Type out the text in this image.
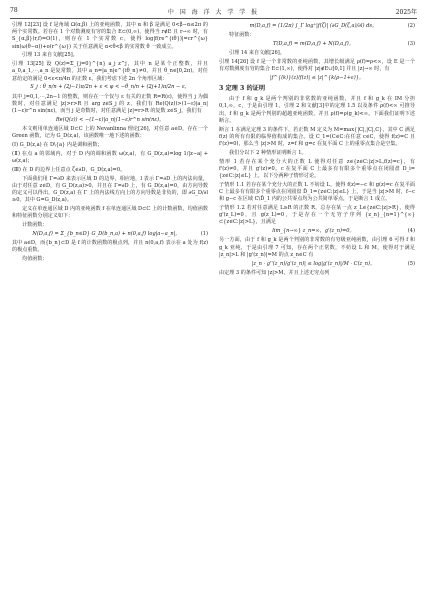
78	中 国 海 洋 大 学 学 报	2025年

引理 12[23] 设 f 是角域 Ω(α,β) 上的亚纯函数，其中 α 和 β 是满足 0<β−α≤2π 的两个实常数。若存在 1 个对数测度有穷的集合 E⊂(0,∞)，使得当 r∉E 且 r→∞ 时，有 S_{α,β}(r,f)=O(1)，则存在 1 个实常数 c，使得 log|f(re^{iθ})|=cr^{ω} sin(ω(θ−α))+o(r^{ω}) 关于任意满足 α<θ<β 的实常数 θ 一致成立。

引理 13 来自文献[25]。

引理 13[25] 设 Q(z)=Σ_{j=0}^{n} a_j z^j，其中 n 是某个正整数，并且 a_0,a_1,⋯,a_n 是复常数，其中 a_n=|a_n|e^{iθ_n}≠0，并且 θ_n∈[0,2π)。对任意给定的满足 0<ε<π/4n 的正数 ε，我们考虑下述 2n 个角形区域：

S_j : θ_n/n + (2j−1)π/2n + ε < φ < −θ_n/n + (2j+1)π/2n − ε，

其中 j=0,1,⋯,2n−1 的整数，则存在一个仅与 ε 有关的正数 R=R(ε)，使得当 j 为偶数时，对任意满足 |z|>r>R 且 arg z∈S_j 的 z，我们有 Re(Q(z))>(1−ε)|a_n|(1−ε)r^n sin(nε)，而当 j 是奇数时，对任意满足 |z|=r>R 的复数 z∈S_j，我们有

Re(Q(z)) < −(1−ε)|a_n|(1−ε)r^n sin(nε)。

本文则用单连通区域 D⊂C 上的 Nevanlinna 理论[26]，对任意 a∈D，存在一个 Green 函数，记为 G_D(z,a)，该函数唯一地下述的函数：

(Ⅰ) G_D(z,a) 在 D\{a} 内是调和函数；

(Ⅱ) 在点 a 的邻域内，对于 D 内的调和函数 ω(z,a)，有 G_D(z,a)=log 1/|z−a| + ω(z,a)；

(Ⅲ) 在 D 的边界上任意点 ζ∈∂D，G_D(z,a)=0。

下面我们用 Γ=∂D 来表示区域 D 的边界，相应地，l 表示 Γ=∂D 上的内法向量，由于对任意 z∈D，有 G_D(z,a)>0，并且在 Γ=∂D 上，有 G_D(z,a)=0，由方向导数的定义可以得出，G_D(z,a) 在 Γ 上的内法线方向上的方向导数是非负的，即 ∂G_D/∂l ≥0。其中 G=G_D(z,a)。

定义在单连通区域 D 内的亚纯函数 f 在单连通区域 D⊂C 上的计数函数，均值函数和特征函数分别定义如下：

计数函数：

N(D,a,f) = Σ_{b_n∈D} G_D(b_n,a) + n(0,a,f) log|a−a_n|，	(1)

其中 a∈D，而{b_n}⊂D 是 f 的计数函数的极点列，并且 n(0,a,f) 表示在 a 处为 f(z) 的极点重数。

均值函数：

m(D,a,f) = (1/2π) ∫_Γ log⁺|f(ζ)| (∂G_D(ζ,a)/∂l) ds。	(2)

特征函数：

T(D,a,f) = m(D,a,f) + N(D,a,f)。	(3)

引理 14 来自文献[26]。

引理 14[26] 设 f 是一个非常数的亚纯函数，其增长级满足 ρ(f)=ρ<∞，设 E 是一个有对数测度有穷的集合 E⊂(1,∞)，使得对 |z|∉E∪[0,1] 并且 |z|→∞ 时，有

|f^{(k)}(z)/f(z)| ≤ |z|^{k(ρ−1+ε)}。
3 定理 3 的证明

由于 f 和 g_k 是两个判别的非常数的亚纯函数，并且 f 和 g_k 在 IM 分担 0,1,∞，c，于是由引理 1，引理 2 和文献[3]中的定理 1.5 以及条件 ρ(f)<∞ 可推导出，f 和 g_k 是两个判别的超越亚纯函数，并且 ρ(f)=ρ(g_k)<∞。下面我们证明下述断言。

断言 1 在满足定理 3 的条件下，若正数 M 定义为 M=max{|C|,|C|,C}，其中 C 满足 f(z) 的所有有限的临界值构成的集合。设 C_1=(C∈C:在任意 c∈C，使得 f(z)=C 且 f'(z)=0)，那么当 |z|>M 时，z=f 和 g=c 在复平面 C 上的重零点集合是空集。

我们分以下 2 种情形证明断言 1。

情形 1 若存在某个充分大的正数 L 使得对任意 z∈{z∈C:|z|>L,f(z)=c}，有 f'(z)≠0，并且 g'(z)≠0。c 在复平面 C 上最多有有限多个重零点在闭圆盘 D_i={z∈C:|z|≤L} 上，以下分两种子情形讨论。

子情形 1.1 若存在某个充分大的正数 L 不妨设 L，使得 f(z)=−c 和 g(z)=c 在复平面 C 上最多有有限多个重零点在闭圆盘 D̄_1={z∈C:|z|≤L} 上，于是当 |z|>M 时，f−c 和 g−c 在区域 C\D̄_1 内的公共零点均为公共简单零点，于是断言 1 成立。

子情形 1.2 若对任意满足 L≥R 的正数 R，总存在某一点 z_L∈{z∈C:|z|>R}，使得 g'(z_L)=0，且 g(z_L)=0，于是存在一个无穷子序列 {z_n}_{n=1}^{∞}⊂{z∈C:|z|>L}，且满足

lim_{n→∞} z_n=∞，g'(z_n)=0。	(4)

另一方面，由于 f 和 g_k 是两个判别的非常数的有穷级亚纯函数，由引理 6 可得 f 和 g_k 亚纯，于是由引理 7 可知，存在两个正常数，不妨设 L 和 M，使得对于满足 |z_n|>L 和 |g'(z_n)|=M 的点 z_n∈C 有

|z_n · g''(z_n)/g'(z_n)| ≤ log|g'(z_n)|/M · C(z_n)。	(5)

由定理 3 的条件可知 |z|>M，并且上述无穷点列
